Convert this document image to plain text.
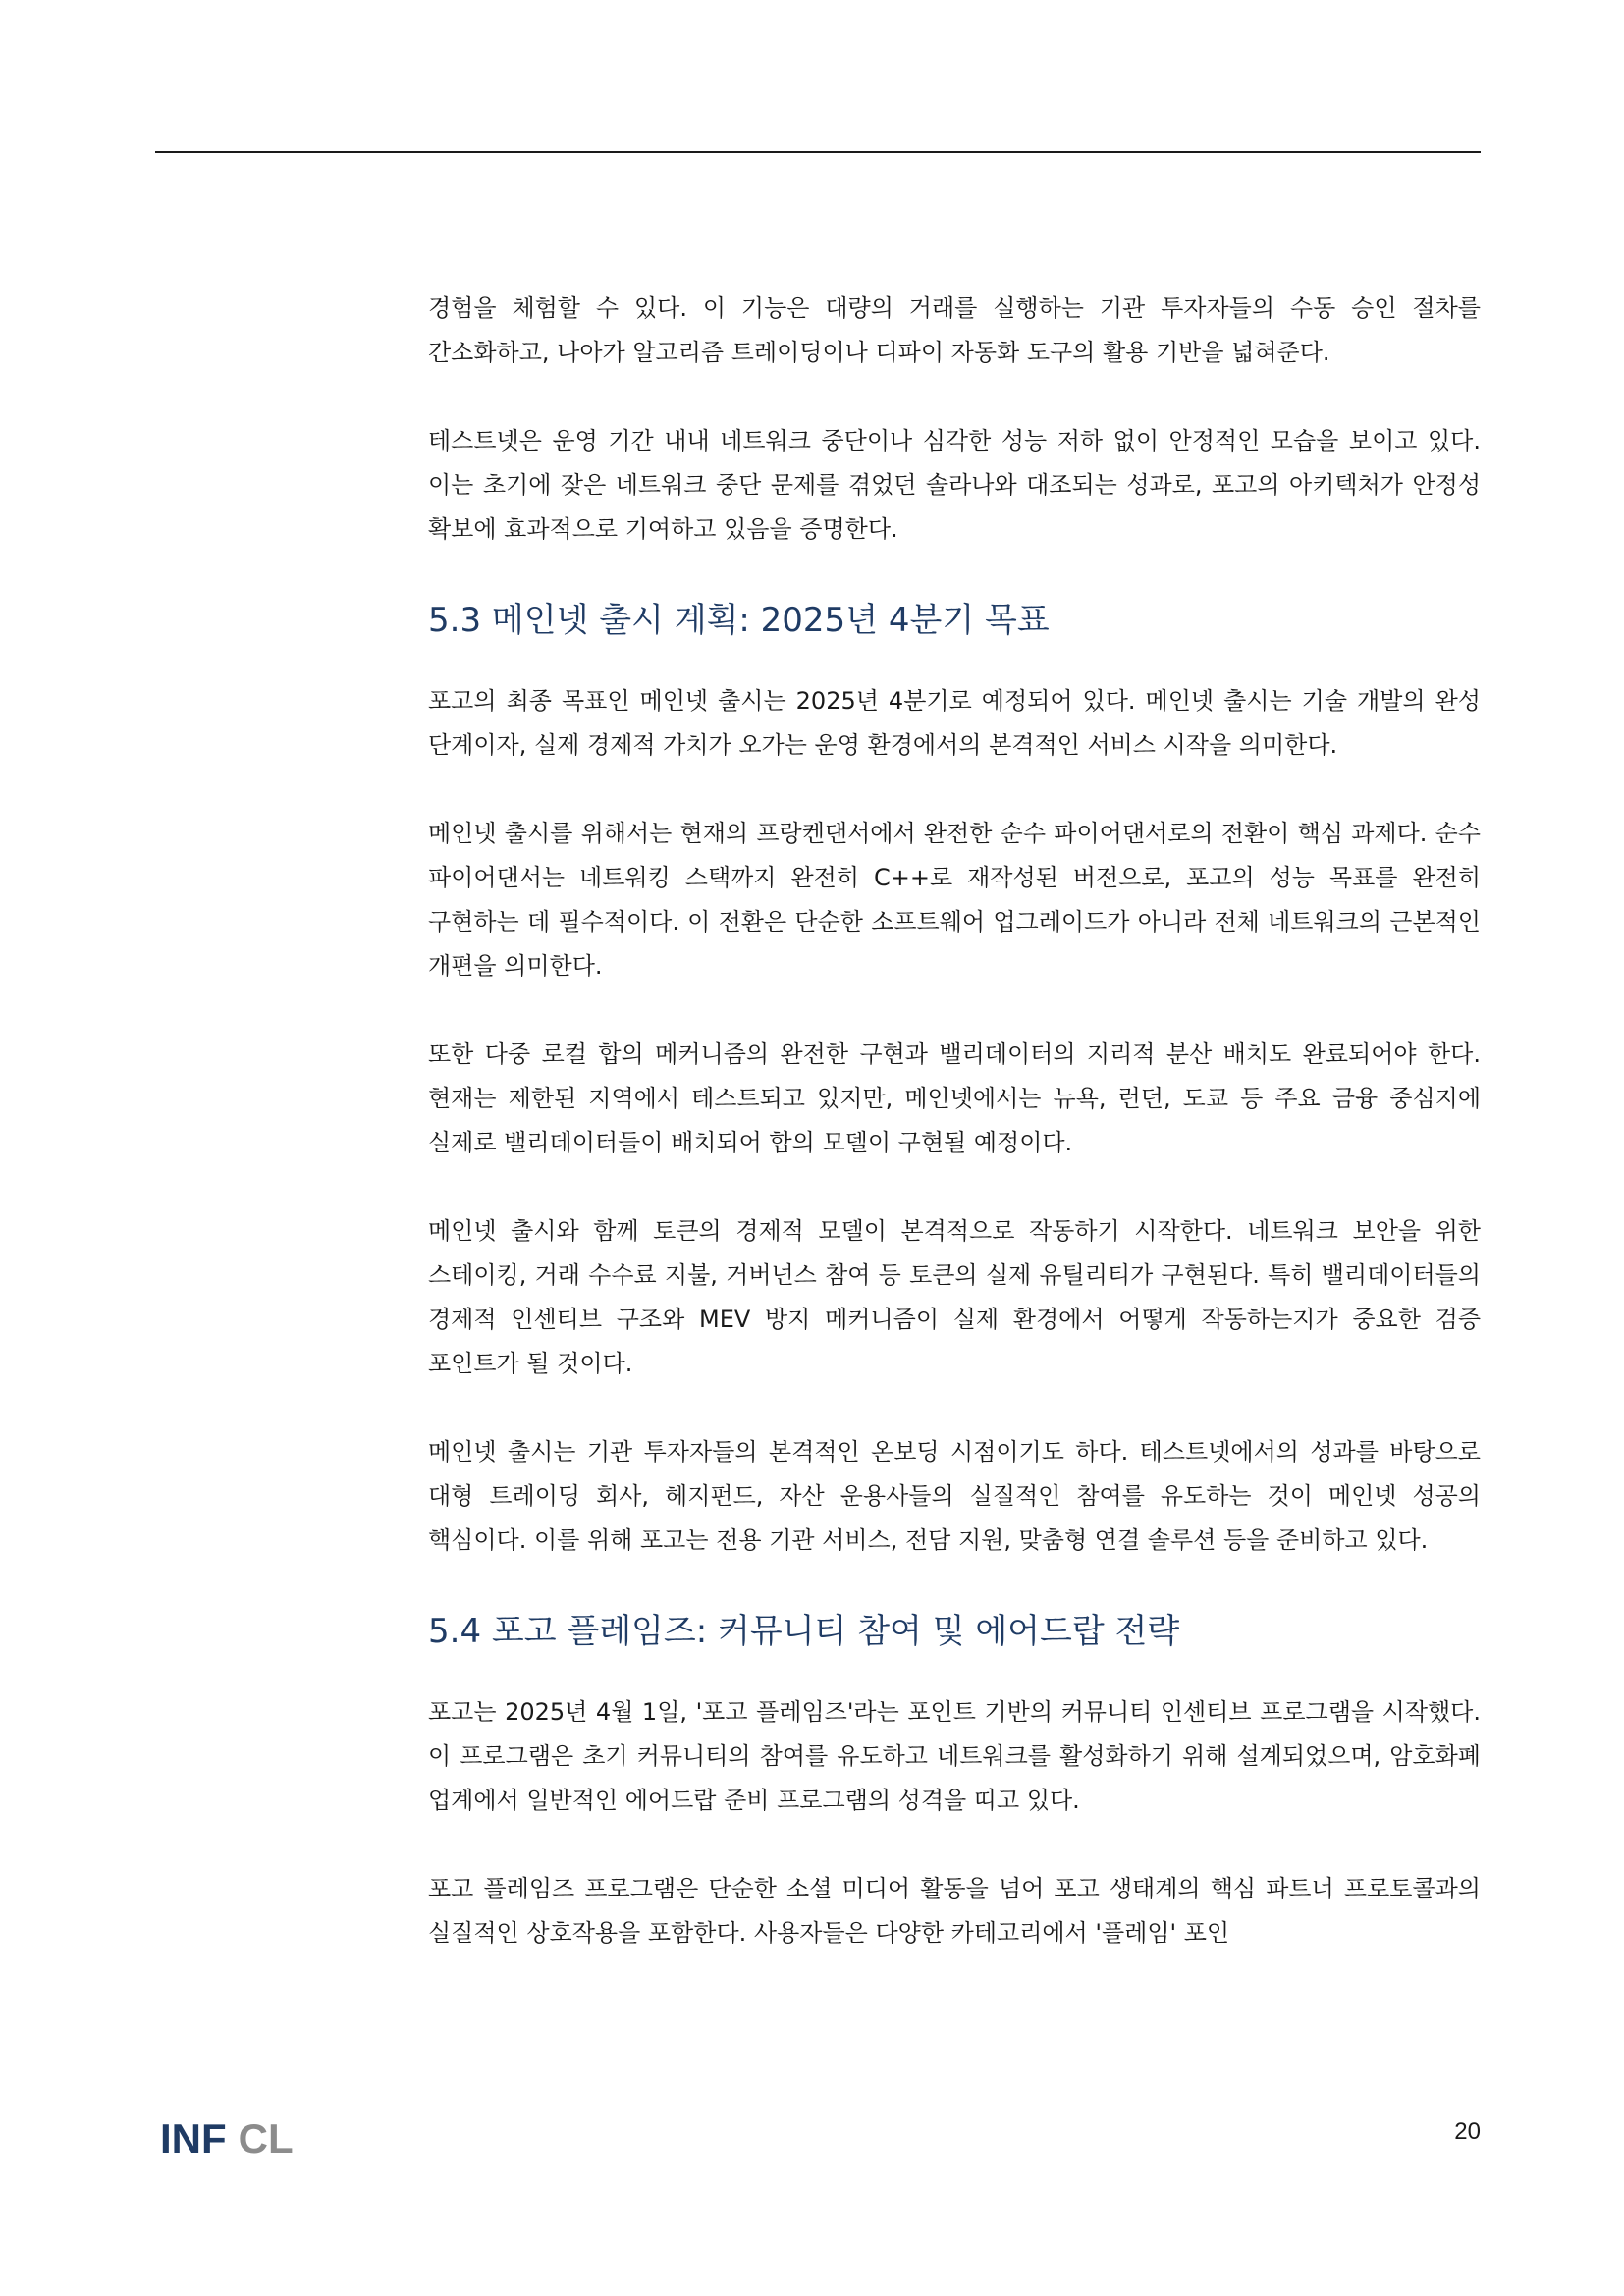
경험을 체험할 수 있다. 이 기능은 대량의 거래를 실행하는 기관 투자자들의 수동 승인 절차를 간소화하고, 나아가 알고리즘 트레이딩이나 디파이 자동화 도구의 활용 기반을 넓혀준다.

테스트넷은 운영 기간 내내 네트워크 중단이나 심각한 성능 저하 없이 안정적인 모습을 보이고 있다. 이는 초기에 잦은 네트워크 중단 문제를 겪었던 솔라나와 대조되는 성과로, 포고의 아키텍처가 안정성 확보에 효과적으로 기여하고 있음을 증명한다.

5.3 메인넷 출시 계획: 2025년 4분기 목표

포고의 최종 목표인 메인넷 출시는 2025년 4분기로 예정되어 있다. 메인넷 출시는 기술 개발의 완성 단계이자, 실제 경제적 가치가 오가는 운영 환경에서의 본격적인 서비스 시작을 의미한다.

메인넷 출시를 위해서는 현재의 프랑켄댄서에서 완전한 순수 파이어댄서로의 전환이 핵심 과제다. 순수 파이어댄서는 네트워킹 스택까지 완전히 C++로 재작성된 버전으로, 포고의 성능 목표를 완전히 구현하는 데 필수적이다. 이 전환은 단순한 소프트웨어 업그레이드가 아니라 전체 네트워크의 근본적인 개편을 의미한다.

또한 다중 로컬 합의 메커니즘의 완전한 구현과 밸리데이터의 지리적 분산 배치도 완료되어야 한다. 현재는 제한된 지역에서 테스트되고 있지만, 메인넷에서는 뉴욕, 런던, 도쿄 등 주요 금융 중심지에 실제로 밸리데이터들이 배치되어 합의 모델이 구현될 예정이다.

메인넷 출시와 함께 토큰의 경제적 모델이 본격적으로 작동하기 시작한다. 네트워크 보안을 위한 스테이킹, 거래 수수료 지불, 거버넌스 참여 등 토큰의 실제 유틸리티가 구현된다. 특히 밸리데이터들의 경제적 인센티브 구조와 MEV 방지 메커니즘이 실제 환경에서 어떻게 작동하는지가 중요한 검증 포인트가 될 것이다.

메인넷 출시는 기관 투자자들의 본격적인 온보딩 시점이기도 하다. 테스트넷에서의 성과를 바탕으로 대형 트레이딩 회사, 헤지펀드, 자산 운용사들의 실질적인 참여를 유도하는 것이 메인넷 성공의 핵심이다. 이를 위해 포고는 전용 기관 서비스, 전담 지원, 맞춤형 연결 솔루션 등을 준비하고 있다.

5.4 포고 플레임즈: 커뮤니티 참여 및 에어드랍 전략

포고는 2025년 4월 1일, '포고 플레임즈'라는 포인트 기반의 커뮤니티 인센티브 프로그램을 시작했다. 이 프로그램은 초기 커뮤니티의 참여를 유도하고 네트워크를 활성화하기 위해 설계되었으며, 암호화폐 업계에서 일반적인 에어드랍 준비 프로그램의 성격을 띠고 있다.

포고 플레임즈 프로그램은 단순한 소셜 미디어 활동을 넘어 포고 생태계의 핵심 파트너 프로토콜과의 실질적인 상호작용을 포함한다. 사용자들은 다양한 카테고리에서 '플레임' 포인

INF CL	20
